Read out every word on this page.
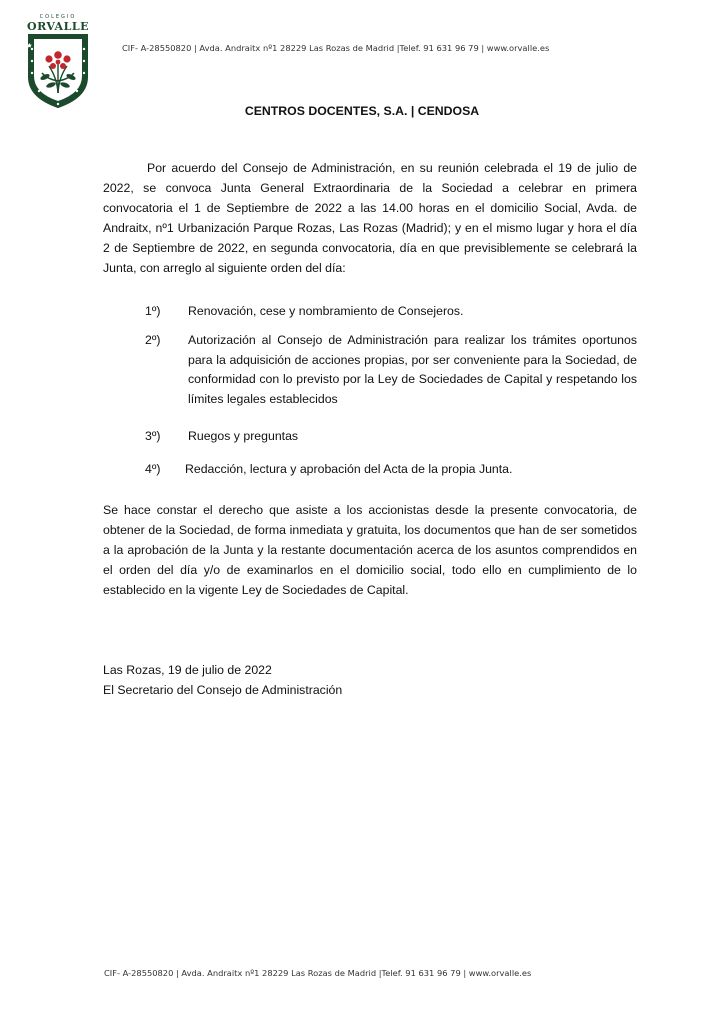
COLEGIO
ORVALLE
CIF- A-28550820 | Avda. Andraitx nº1 28229 Las Rozas de Madrid |Telef. 91 631 96 79 | www.orvalle.es
CENTROS DOCENTES, S.A. | CENDOSA
Por acuerdo del Consejo de Administración, en su reunión celebrada el 19 de julio de 2022, se convoca Junta General Extraordinaria de la Sociedad a celebrar en primera convocatoria el 1 de Septiembre de 2022 a las 14.00 horas en el domicilio Social, Avda. de Andraitx, nº1 Urbanización Parque Rozas, Las Rozas (Madrid); y en el mismo lugar y hora el día 2 de Septiembre de 2022, en segunda convocatoria, día en que previsiblemente se celebrará la Junta, con arreglo al siguiente orden del día:
1º) Renovación, cese y nombramiento de Consejeros.
2º) Autorización al Consejo de Administración para realizar los trámites oportunos para la adquisición de acciones propias, por ser conveniente para la Sociedad, de conformidad con lo previsto por la Ley de Sociedades de Capital y respetando los límites legales establecidos
3º) Ruegos y preguntas
4º) Redacción, lectura y aprobación del Acta de la propia Junta.
Se hace constar el derecho que asiste a los accionistas desde la presente convocatoria, de obtener de la Sociedad, de forma inmediata y gratuita, los documentos que han de ser sometidos a la aprobación de la Junta y la restante documentación acerca de los asuntos comprendidos en el orden del día y/o de examinarlos en el domicilio social, todo ello en cumplimiento de lo establecido en la vigente Ley de Sociedades de Capital.
Las Rozas, 19 de julio de 2022
El Secretario del Consejo de Administración
CIF- A-28550820 | Avda. Andraitx nº1 28229 Las Rozas de Madrid |Telef. 91 631 96 79 | www.orvalle.es
